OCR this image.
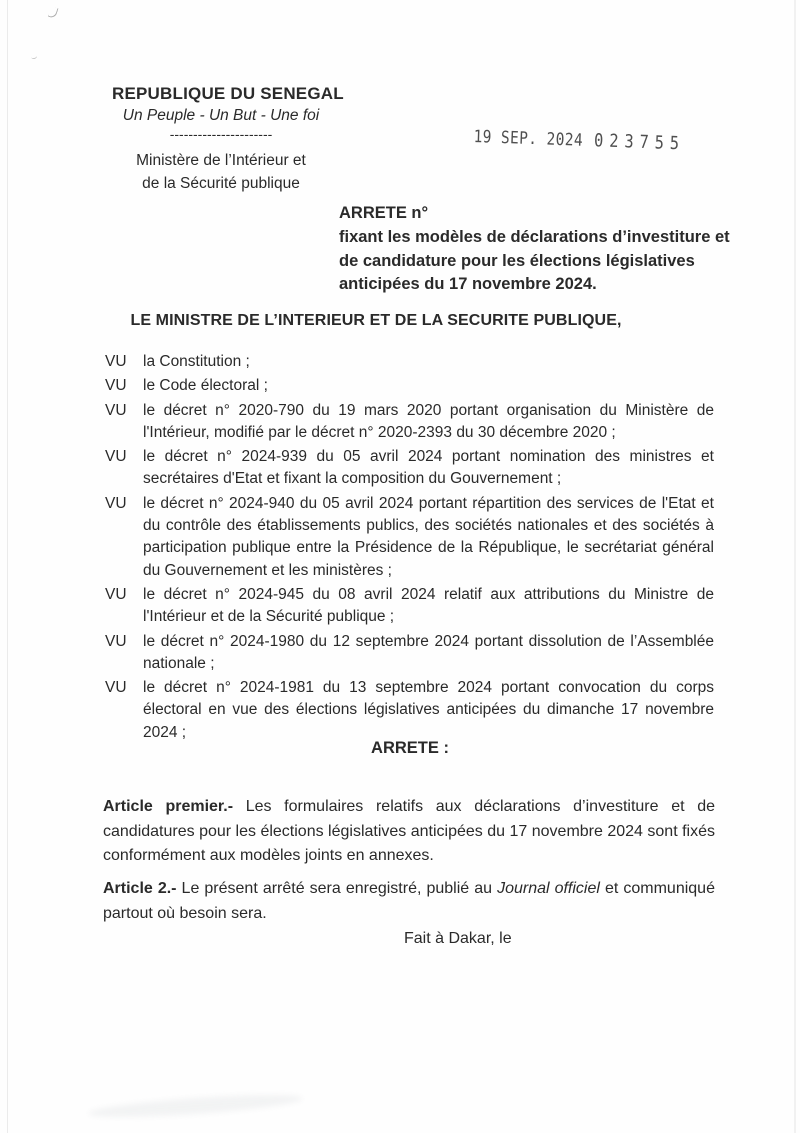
REPUBLIQUE DU SENEGAL
Un Peuple - Un But - Une foi
----------------------
Ministère de l’Intérieur et
de la Sécurité publique
19 SEP. 2024 023755
ARRETE n°
fixant les modèles de déclarations d’investiture et de candidature pour les élections législatives anticipées du 17 novembre 2024.
LE MINISTRE DE L’INTERIEUR ET DE LA SECURITE PUBLIQUE,
VU	la Constitution ;
VU	le Code électoral ;
VU	le décret n° 2020-790 du 19 mars 2020 portant organisation du Ministère de l'Intérieur, modifié par le décret n° 2020-2393 du 30 décembre 2020 ;
VU	le décret n° 2024-939 du 05 avril 2024 portant nomination des ministres et secrétaires d'Etat et fixant la composition du Gouvernement ;
VU	le décret n° 2024-940 du 05 avril 2024 portant répartition des services de l'Etat et du contrôle des établissements publics, des sociétés nationales et des sociétés à participation publique entre la Présidence de la République, le secrétariat général du Gouvernement et les ministères ;
VU	le décret n° 2024-945 du 08 avril 2024 relatif aux attributions du Ministre de l'Intérieur et de la Sécurité publique ;
VU	le décret n° 2024-1980 du 12 septembre 2024 portant dissolution de l’Assemblée nationale ;
VU	le décret n° 2024-1981 du 13 septembre 2024 portant convocation du corps électoral en vue des élections législatives anticipées du dimanche 17 novembre 2024 ;
ARRETE :

Article premier.- Les formulaires relatifs aux déclarations d’investiture et de candidatures pour les élections législatives anticipées du 17 novembre 2024 sont fixés conformément aux modèles joints en annexes.

Article 2.- Le présent arrêté sera enregistré, publié au Journal officiel et communiqué partout où besoin sera.

Fait à Dakar, le
